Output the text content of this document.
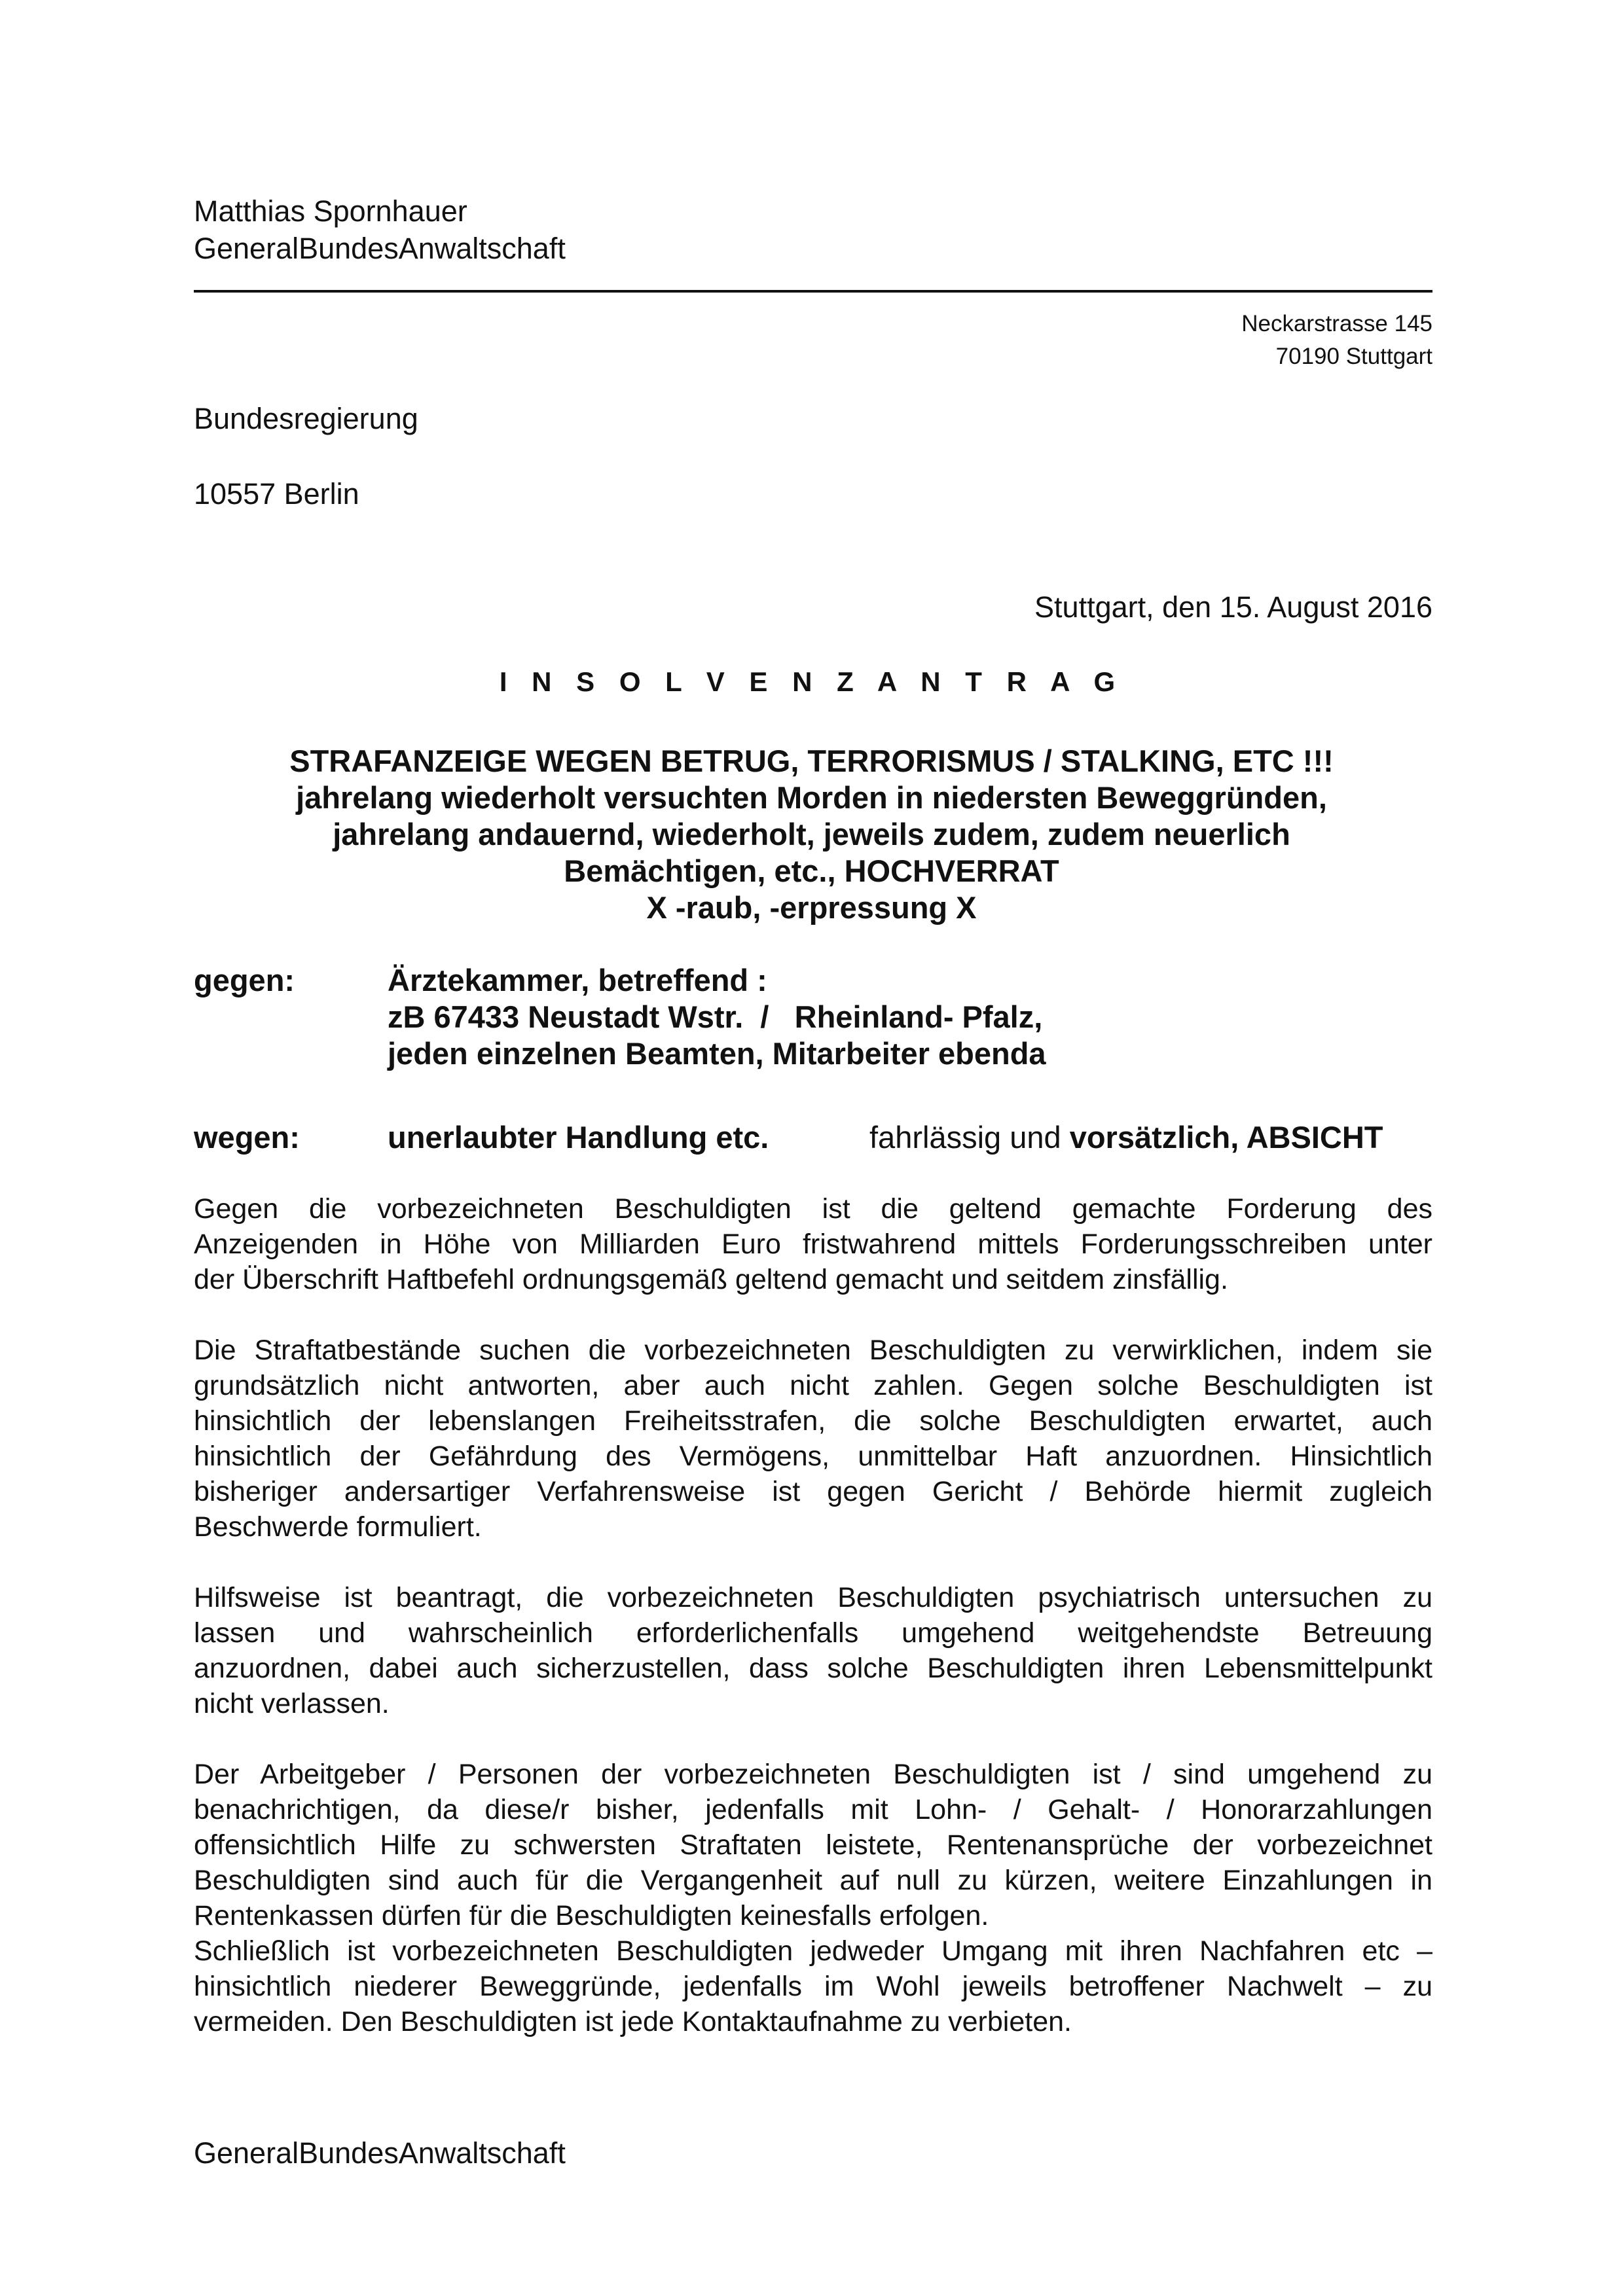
Matthias Spornhauer
GeneralBundesAnwaltschaft
Neckarstrasse 145
70190 Stuttgart
Bundesregierung
10557 Berlin
Stuttgart, den 15. August 2016
I N S O L V E N Z A N T R A G
STRAFANZEIGE WEGEN BETRUG, TERRORISMUS / STALKING, ETC !!!
jahrelang wiederholt versuchten Morden in niedersten Beweggründen,
jahrelang andauernd, wiederholt, jeweils zudem, zudem neuerlich
Bemächtigen, etc., HOCHVERRAT
X -raub, -erpressung X
gegen:	Ärztekammer, betreffend :
zB 67433 Neustadt Wstr.  /   Rheinland- Pfalz,
jeden einzelnen Beamten, Mitarbeiter ebenda
wegen:	unerlaubter Handlung etc.	fahrlässig und vorsätzlich, ABSICHT
Gegen die vorbezeichneten Beschuldigten ist die geltend gemachte Forderung des
Anzeigenden in Höhe von Milliarden Euro fristwahrend mittels Forderungsschreiben unter
der Überschrift Haftbefehl ordnungsgemäß geltend gemacht und seitdem zinsfällig.
Die Straftatbestände suchen die vorbezeichneten Beschuldigten zu verwirklichen, indem sie
grundsätzlich nicht antworten, aber auch nicht zahlen. Gegen solche Beschuldigten ist
hinsichtlich der lebenslangen Freiheitsstrafen, die solche Beschuldigten erwartet, auch
hinsichtlich der Gefährdung des Vermögens, unmittelbar Haft anzuordnen. Hinsichtlich
bisheriger andersartiger Verfahrensweise ist gegen Gericht / Behörde hiermit zugleich
Beschwerde formuliert.
Hilfsweise ist beantragt, die vorbezeichneten Beschuldigten psychiatrisch untersuchen zu
lassen und wahrscheinlich erforderlichenfalls umgehend weitgehendste Betreuung
anzuordnen, dabei auch sicherzustellen, dass solche Beschuldigten ihren Lebensmittelpunkt
nicht verlassen.
Der Arbeitgeber / Personen der vorbezeichneten Beschuldigten ist / sind umgehend zu
benachrichtigen, da diese/r bisher, jedenfalls mit Lohn- / Gehalt- / Honorarzahlungen
offensichtlich Hilfe zu schwersten Straftaten leistete, Rentenansprüche der vorbezeichnet
Beschuldigten sind auch für die Vergangenheit auf null zu kürzen, weitere Einzahlungen in
Rentenkassen dürfen für die Beschuldigten keinesfalls erfolgen.
Schließlich ist vorbezeichneten Beschuldigten jedweder Umgang mit ihren Nachfahren etc –
hinsichtlich niederer Beweggründe, jedenfalls im Wohl jeweils betroffener Nachwelt – zu
vermeiden. Den Beschuldigten ist jede Kontaktaufnahme zu verbieten.
GeneralBundesAnwaltschaft
